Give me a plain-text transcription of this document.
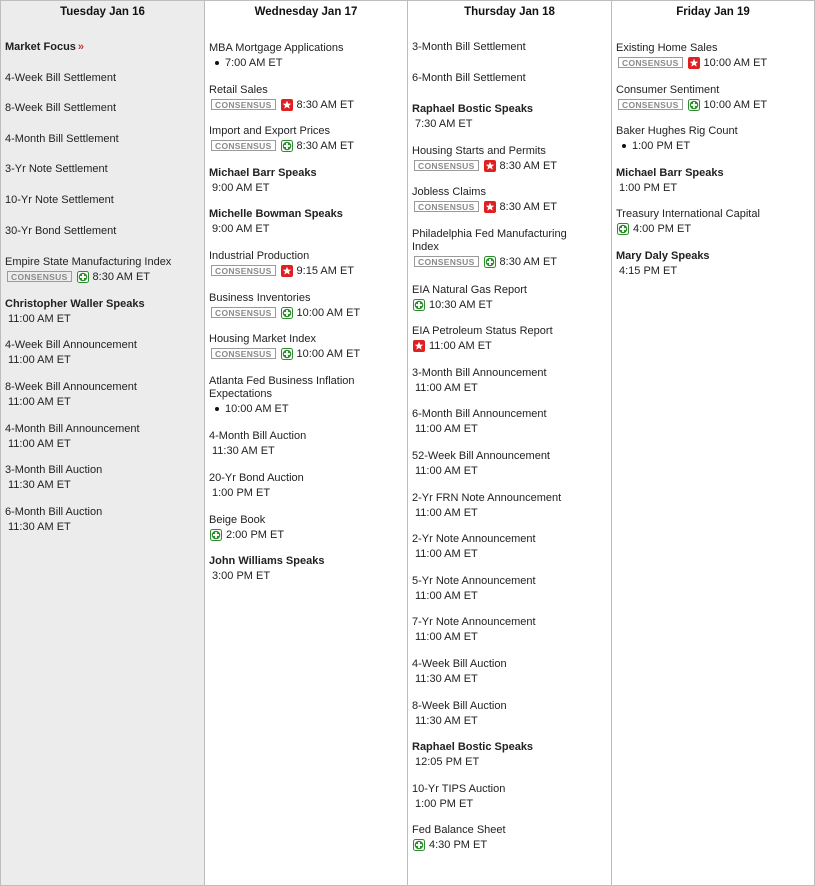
Tuesday Jan 16
Market Focus »
4-Week Bill Settlement
8-Week Bill Settlement
4-Month Bill Settlement
3-Yr Note Settlement
10-Yr Note Settlement
30-Yr Bond Settlement
Empire State Manufacturing Index
CONSENSUS	8:30 AM ET
Christopher Waller Speaks
11:00 AM ET
4-Week Bill Announcement
11:00 AM ET
8-Week Bill Announcement
11:00 AM ET
4-Month Bill Announcement
11:00 AM ET
3-Month Bill Auction
11:30 AM ET
6-Month Bill Auction
11:30 AM ET
Wednesday Jan 17
MBA Mortgage Applications
7:00 AM ET
Retail Sales
CONSENSUS	8:30 AM ET
Import and Export Prices
CONSENSUS	8:30 AM ET
Michael Barr Speaks
9:00 AM ET
Michelle Bowman Speaks
9:00 AM ET
Industrial Production
CONSENSUS	9:15 AM ET
Business Inventories
CONSENSUS	10:00 AM ET
Housing Market Index
CONSENSUS	10:00 AM ET
Atlanta Fed Business Inflation Expectations
10:00 AM ET
4-Month Bill Auction
11:30 AM ET
20-Yr Bond Auction
1:00 PM ET
Beige Book
2:00 PM ET
John Williams Speaks
3:00 PM ET
Thursday Jan 18
3-Month Bill Settlement
6-Month Bill Settlement
Raphael Bostic Speaks
7:30 AM ET
Housing Starts and Permits
CONSENSUS	8:30 AM ET
Jobless Claims
CONSENSUS	8:30 AM ET
Philadelphia Fed Manufacturing Index
CONSENSUS	8:30 AM ET
EIA Natural Gas Report
10:30 AM ET
EIA Petroleum Status Report
11:00 AM ET
3-Month Bill Announcement
11:00 AM ET
6-Month Bill Announcement
11:00 AM ET
52-Week Bill Announcement
11:00 AM ET
2-Yr FRN Note Announcement
11:00 AM ET
2-Yr Note Announcement
11:00 AM ET
5-Yr Note Announcement
11:00 AM ET
7-Yr Note Announcement
11:00 AM ET
4-Week Bill Auction
11:30 AM ET
8-Week Bill Auction
11:30 AM ET
Raphael Bostic Speaks
12:05 PM ET
10-Yr TIPS Auction
1:00 PM ET
Fed Balance Sheet
4:30 PM ET
Friday Jan 19
Existing Home Sales
CONSENSUS	10:00 AM ET
Consumer Sentiment
CONSENSUS	10:00 AM ET
Baker Hughes Rig Count
1:00 PM ET
Michael Barr Speaks
1:00 PM ET
Treasury International Capital
4:00 PM ET
Mary Daly Speaks
4:15 PM ET
